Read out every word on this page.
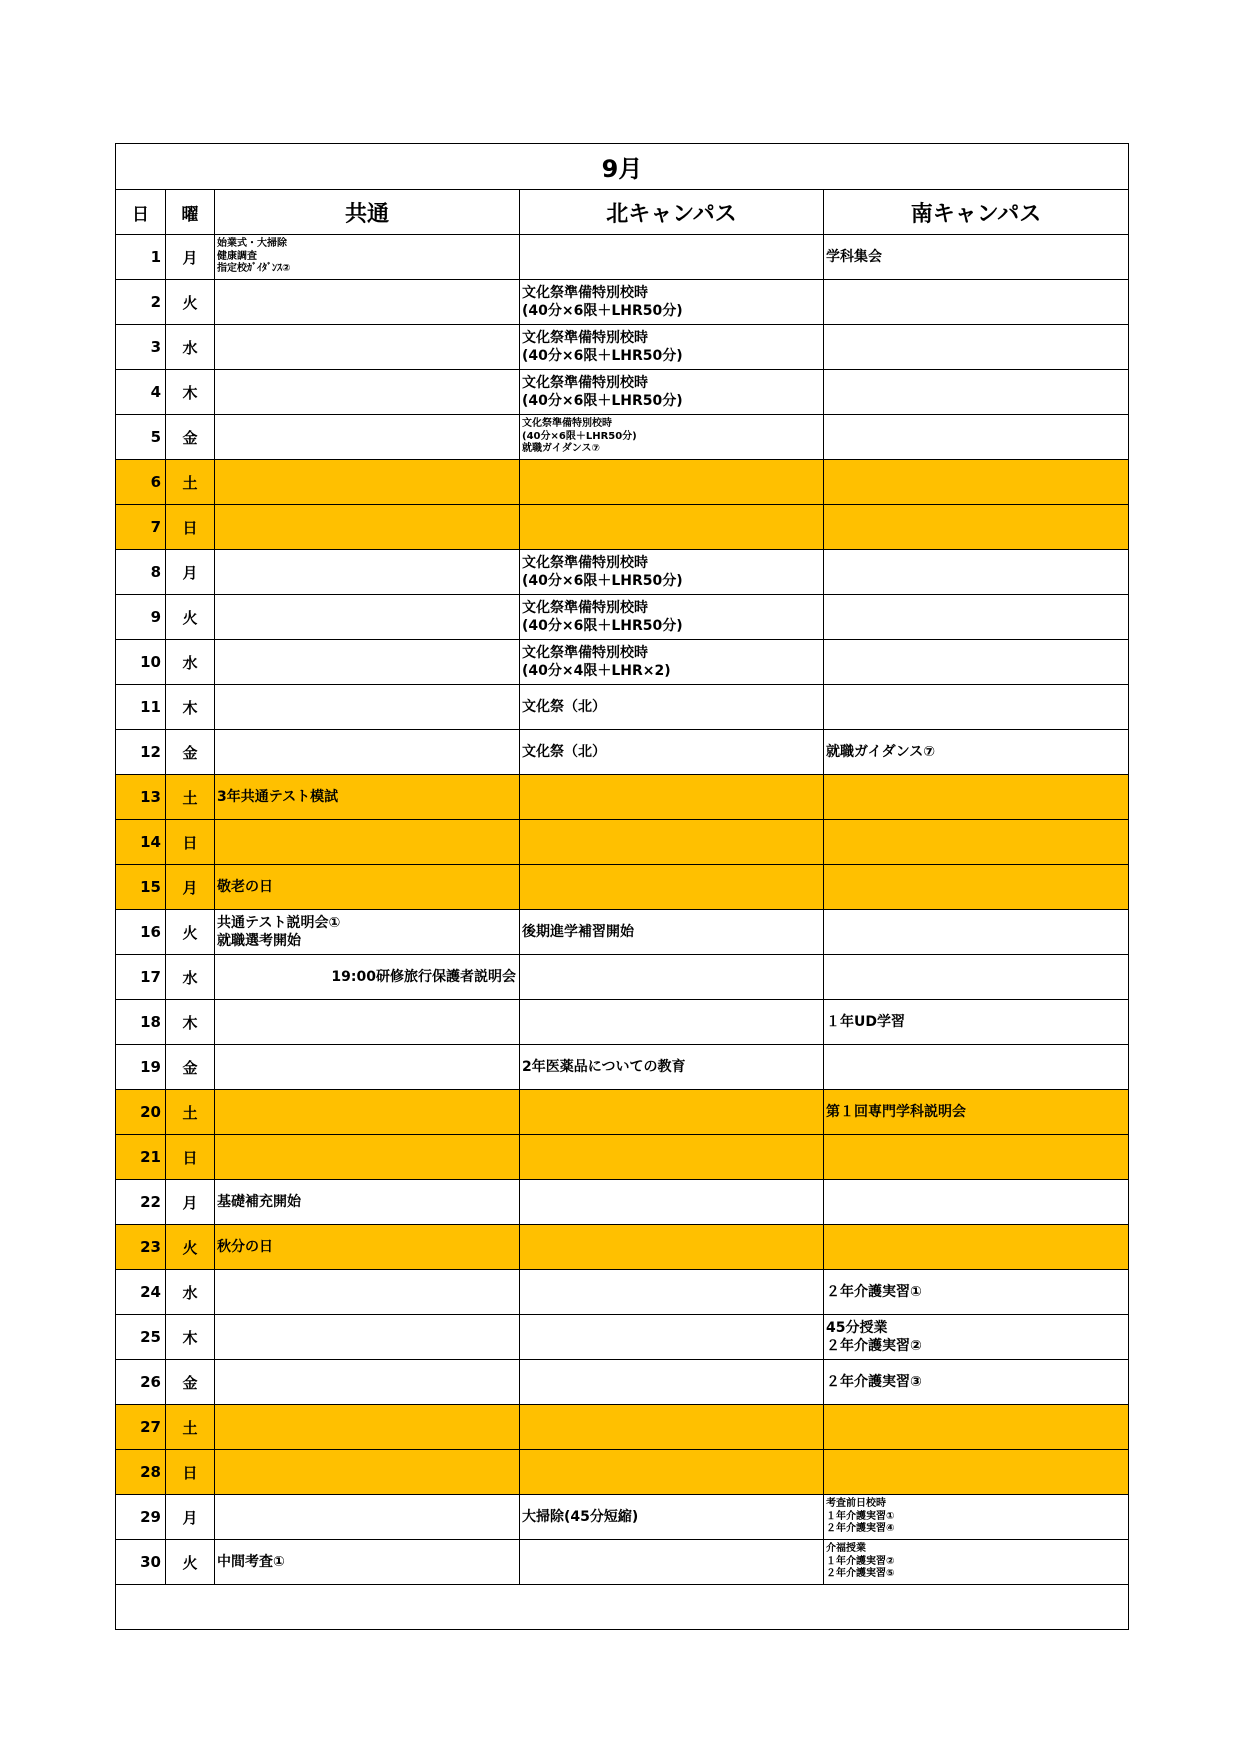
9月				
日	曜	共通	北キャンパス	南キャンパス
1	月	始業式・大掃除
健康調査
指定校ｶﾞｲﾀﾞﾝｽ②		学科集会
2	火		文化祭準備特別校時
(40分×6限＋LHR50分)	
3	水		文化祭準備特別校時
(40分×6限＋LHR50分)	
4	木		文化祭準備特別校時
(40分×6限＋LHR50分)	
5	金		文化祭準備特別校時
(40分×6限＋LHR50分)
就職ガイダンス⑦	
6	土			
7	日			
8	月		文化祭準備特別校時
(40分×6限＋LHR50分)	
9	火		文化祭準備特別校時
(40分×6限＋LHR50分)	
10	水		文化祭準備特別校時
(40分×4限＋LHR×2)	
11	木		文化祭（北）	
12	金		文化祭（北）	就職ガイダンス⑦
13	土	3年共通テスト模試		
14	日			
15	月	敬老の日		
16	火	共通テスト説明会①
就職選考開始	後期進学補習開始	
17	水	19:00研修旅行保護者説明会		
18	木			１年UD学習
19	金		2年医薬品についての教育	
20	土			第１回専門学科説明会
21	日			
22	月	基礎補充開始		
23	火	秋分の日		
24	水			２年介護実習①
25	木			45分授業
２年介護実習②
26	金			２年介護実習③
27	土			
28	日			
29	月		大掃除(45分短縮)	考査前日校時
１年介護実習①
２年介護実習④
30	火	中間考査①		介福授業
１年介護実習②
２年介護実習⑤
